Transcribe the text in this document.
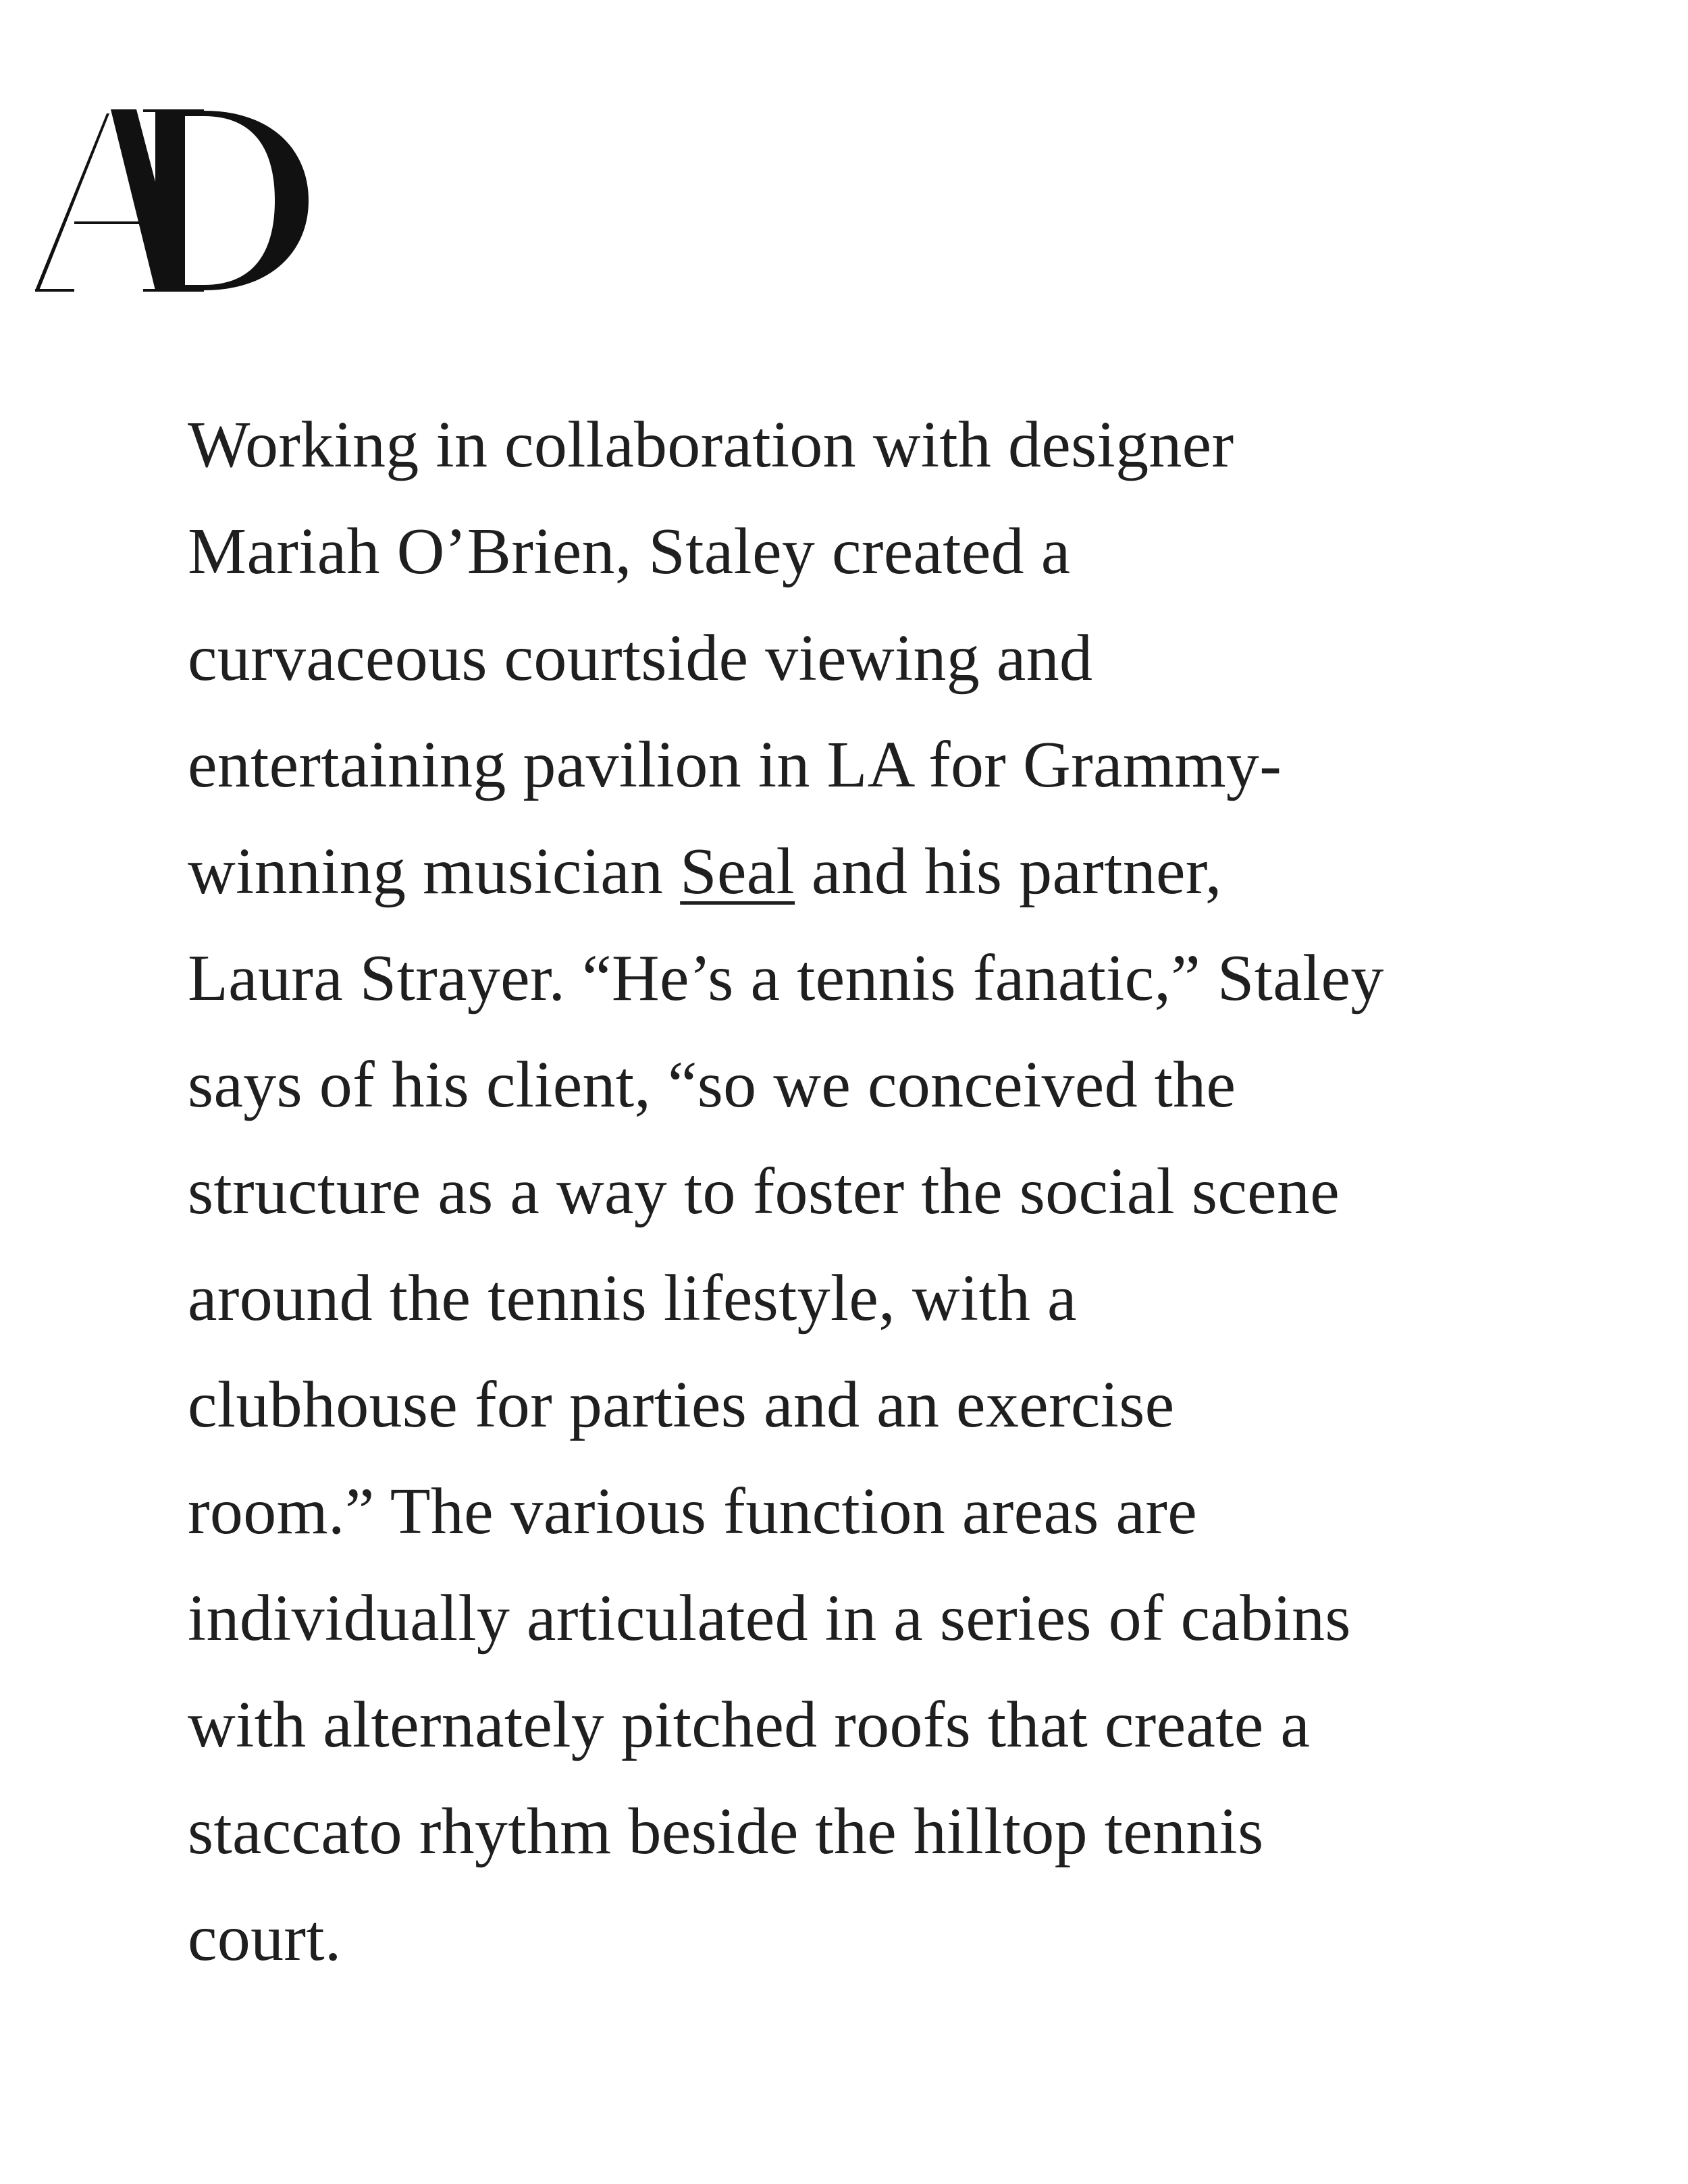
Working in collaboration with designer
Mariah O’Brien, Staley created a
curvaceous courtside viewing and
entertaining pavilion in LA for Grammy-
winning musician Seal and his partner,
Laura Strayer. “He’s a tennis fanatic,” Staley
says of his client, “so we conceived the
structure as a way to foster the social scene
around the tennis lifestyle, with a
clubhouse for parties and an exercise
room.” The various function areas are
individually articulated in a series of cabins
with alternately pitched roofs that create a
staccato rhythm beside the hilltop tennis
court.
